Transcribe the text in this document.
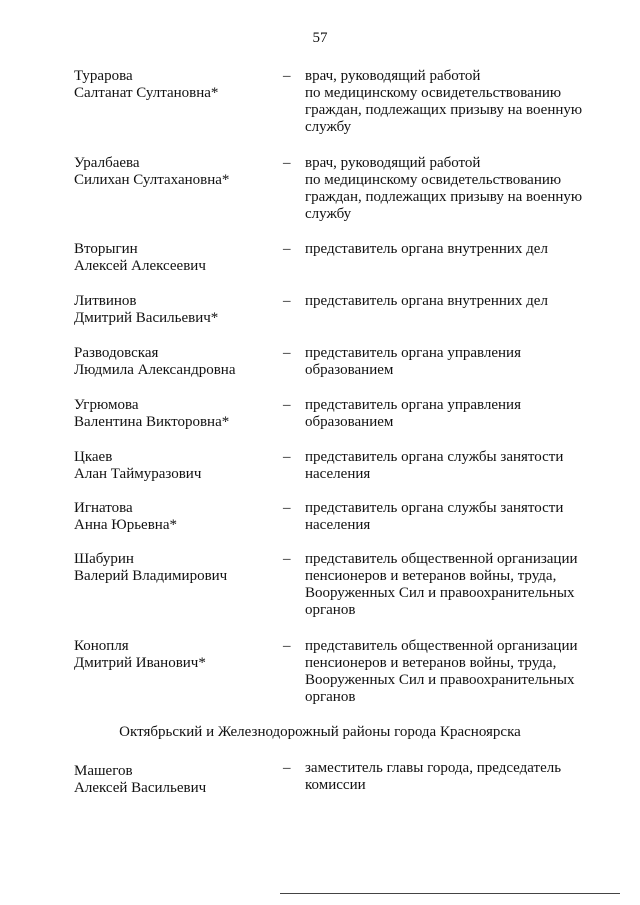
57
Турарова
Салтанат Султановна*
– врач, руководящий работой
по медицинскому освидетельствованию
граждан, подлежащих призыву на военную
службу
Уралбаева
Силихан Султахановна*
– врач, руководящий работой
по медицинскому освидетельствованию
граждан, подлежащих призыву на военную
службу
Вторыгин
Алексей Алексеевич
– представитель органа внутренних дел
Литвинов
Дмитрий Васильевич*
– представитель органа внутренних дел
Разводовская
Людмила Александровна
– представитель органа управления
образованием
Угрюмова
Валентина Викторовна*
– представитель органа управления
образованием
Цкаев
Алан Таймуразович
– представитель органа службы занятости
населения
Игнатова
Анна Юрьевна*
– представитель органа службы занятости
населения
Шабурин
Валерий Владимирович
– представитель общественной организации
пенсионеров и ветеранов войны, труда,
Вооруженных Сил и правоохранительных
органов
Конопля
Дмитрий Иванович*
– представитель общественной организации
пенсионеров и ветеранов войны, труда,
Вооруженных Сил и правоохранительных
органов
Октябрьский и Железнодорожный районы города Красноярска
Машегов
Алексей Васильевич
– заместитель главы города, председатель
комиссии
